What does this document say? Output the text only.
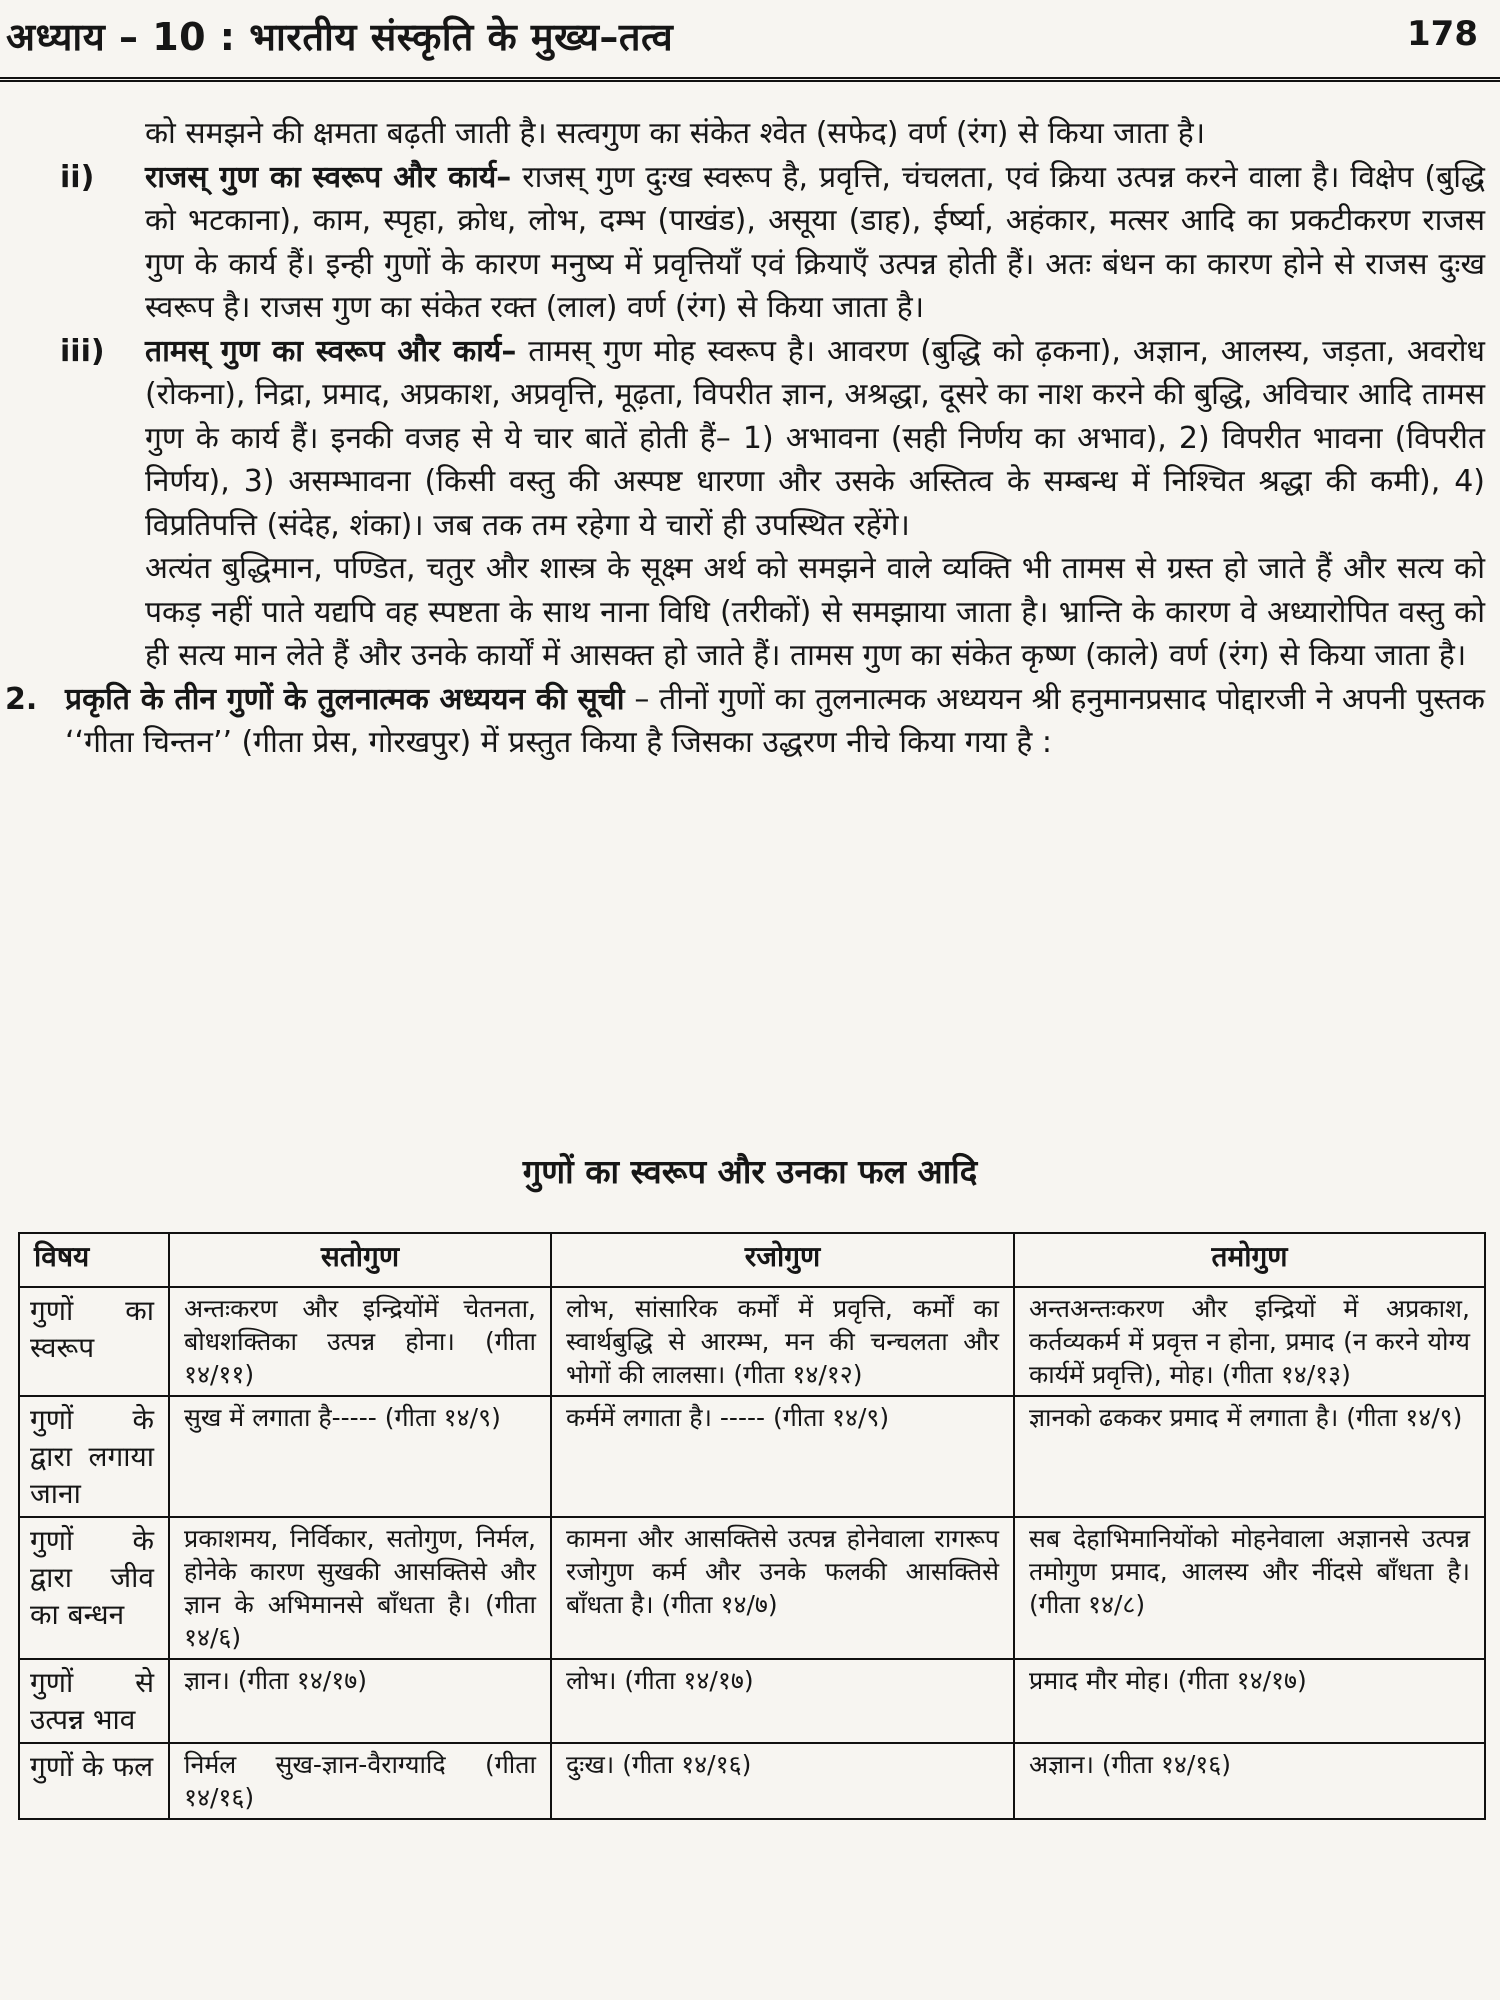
अध्याय – 10 : भारतीय संस्कृति के मुख्य–तत्व	178
को समझने की क्षमता बढ़ती जाती है। सत्वगुण का संकेत श्वेत (सफेद) वर्ण (रंग) से किया जाता है।
ii)	राजस् गुण का स्वरूप और कार्य– राजस् गुण दुःख स्वरूप है, प्रवृत्ति, चंचलता, एवं क्रिया उत्पन्न करने वाला है। विक्षेप (बुद्धि को भटकाना), काम, स्पृहा, क्रोध, लोभ, दम्भ (पाखंड), असूया (डाह), ईर्ष्या, अहंकार, मत्सर आदि का प्रकटीकरण राजस गुण के कार्य हैं। इन्ही गुणों के कारण मनुष्य में प्रवृत्तियाँ एवं क्रियाएँ उत्पन्न होती हैं। अतः बंधन का कारण होने से राजस दुःख स्वरूप है। राजस गुण का संकेत रक्त (लाल) वर्ण (रंग) से किया जाता है।
iii)	तामस् गुण का स्वरूप और कार्य– तामस् गुण मोह स्वरूप है। आवरण (बुद्धि को ढ़कना), अज्ञान, आलस्य, जड़ता, अवरोध (रोकना), निद्रा, प्रमाद, अप्रकाश, अप्रवृत्ति, मूढ़ता, विपरीत ज्ञान, अश्रद्धा, दूसरे का नाश करने की बुद्धि, अविचार आदि तामस गुण के कार्य हैं। इनकी वजह से ये चार बातें होती हैं– 1) अभावना (सही निर्णय का अभाव), 2) विपरीत भावना (विपरीत निर्णय), 3) असम्भावना (किसी वस्तु की अस्पष्ट धारणा और उसके अस्तित्व के सम्बन्ध में निश्चित श्रद्धा की कमी), 4) विप्रतिपत्ति (संदेह, शंका)। जब तक तम रहेगा ये चारों ही उपस्थित रहेंगे।
अत्यंत बुद्धिमान, पण्डित, चतुर और शास्त्र के सूक्ष्म अर्थ को समझने वाले व्यक्ति भी तामस से ग्रस्त हो जाते हैं और सत्य को पकड़ नहीं पाते यद्यपि वह स्पष्टता के साथ नाना विधि (तरीकों) से समझाया जाता है। भ्रान्ति के कारण वे अध्यारोपित वस्तु को ही सत्य मान लेते हैं और उनके कार्यों में आसक्त हो जाते हैं। तामस गुण का संकेत कृष्ण (काले) वर्ण (रंग) से किया जाता है।
2. प्रकृति के तीन गुणों के तुलनात्मक अध्ययन की सूची – तीनों गुणों का तुलनात्मक अध्ययन श्री हनुमानप्रसाद पोद्दारजी ने अपनी पुस्तक ‘‘गीता चिन्तन’’ (गीता प्रेस, गोरखपुर) में प्रस्तुत किया है जिसका उद्धरण नीचे किया गया है :
गुणों का स्वरूप और उनका फल आदि
विषय	सतोगुण	रजोगुण	तमोगुण
गुणों का स्वरूप	अन्तःकरण और इन्द्रियोंमें चेतनता, बोधशक्तिका उत्पन्न होना। (गीता १४/११)	लोभ, सांसारिक कर्मों में प्रवृत्ति, कर्मों का स्वार्थबुद्धि से आरम्भ, मन की चन्चलता और भोगों की लालसा। (गीता १४/१२)	अन्तअन्तःकरण और इन्द्रियों में अप्रकाश, कर्तव्यकर्म में प्रवृत्त न होना, प्रमाद (न करने योग्य कार्यमें प्रवृत्ति), मोह। (गीता १४/१३)
गुणों के द्वारा लगाया जाना	सुख में लगाता है----- (गीता १४/९)	कर्ममें लगाता है। ----- (गीता १४/९)	ज्ञानको ढककर प्रमाद में लगाता है। (गीता १४/९)
गुणों के द्वारा जीव का बन्धन	प्रकाशमय, निर्विकार, सतोगुण, निर्मल, होनेके कारण सुखकी आसक्तिसे और ज्ञान के अभिमानसे बाँधता है। (गीता १४/६)	कामना और आसक्तिसे उत्पन्न होनेवाला रागरूप रजोगुण कर्म और उनके फलकी आसक्तिसे बाँधता है। (गीता १४/७)	सब देहाभिमानियोंको मोहनेवाला अज्ञानसे उत्पन्न तमोगुण प्रमाद, आलस्य और नींदसे बाँधता है। (गीता १४/८)
गुणों से उत्पन्न भाव	ज्ञान। (गीता १४/१७)	लोभ। (गीता १४/१७)	प्रमाद मौर मोह। (गीता १४/१७)
गुणों के फल	निर्मल सुख-ज्ञान-वैराग्यादि (गीता १४/१६)	दुःख। (गीता १४/१६)	अज्ञान। (गीता १४/१६)
